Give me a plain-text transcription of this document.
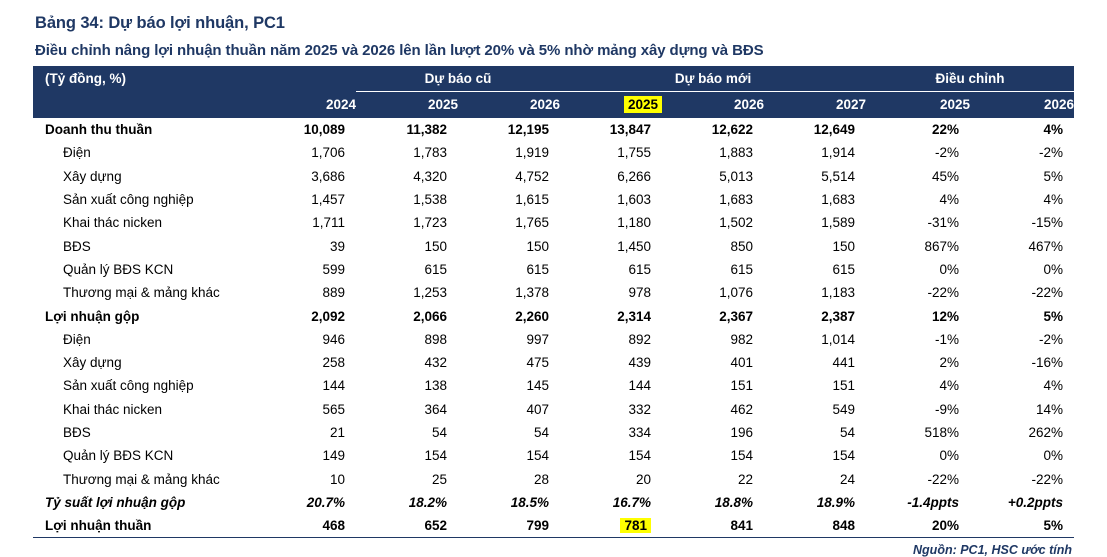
Bảng 34: Dự báo lợi nhuận, PC1
Điều chỉnh nâng lợi nhuận thuần năm 2025 và 2026 lên lần lượt 20% và 5% nhờ mảng xây dựng và BĐS
(Tỷ đồng, %)		Dự báo cũ		Dự báo mới			Điều chỉnh	
	2024	2025	2026	2025	2026	2027	2025	2026
Doanh thu thuần	10,089	11,382	12,195	13,847	12,622	12,649	22%	4%
Điện	1,706	1,783	1,919	1,755	1,883	1,914	-2%	-2%
Xây dựng	3,686	4,320	4,752	6,266	5,013	5,514	45%	5%
Sản xuất công nghiệp	1,457	1,538	1,615	1,603	1,683	1,683	4%	4%
Khai thác nicken	1,711	1,723	1,765	1,180	1,502	1,589	-31%	-15%
BĐS	39	150	150	1,450	850	150	867%	467%
Quản lý BĐS KCN	599	615	615	615	615	615	0%	0%
Thương mại & mảng khác	889	1,253	1,378	978	1,076	1,183	-22%	-22%
Lợi nhuận gộp	2,092	2,066	2,260	2,314	2,367	2,387	12%	5%
Điện	946	898	997	892	982	1,014	-1%	-2%
Xây dựng	258	432	475	439	401	441	2%	-16%
Sản xuất công nghiệp	144	138	145	144	151	151	4%	4%
Khai thác nicken	565	364	407	332	462	549	-9%	14%
BĐS	21	54	54	334	196	54	518%	262%
Quản lý BĐS KCN	149	154	154	154	154	154	0%	0%
Thương mại & mảng khác	10	25	28	20	22	24	-22%	-22%
Tỷ suất lợi nhuận gộp	20.7%	18.2%	18.5%	16.7%	18.8%	18.9%	-1.4ppts	+0.2ppts
Lợi nhuận thuần	468	652	799	781	841	848	20%	5%
Nguồn: PC1, HSC ước tính
